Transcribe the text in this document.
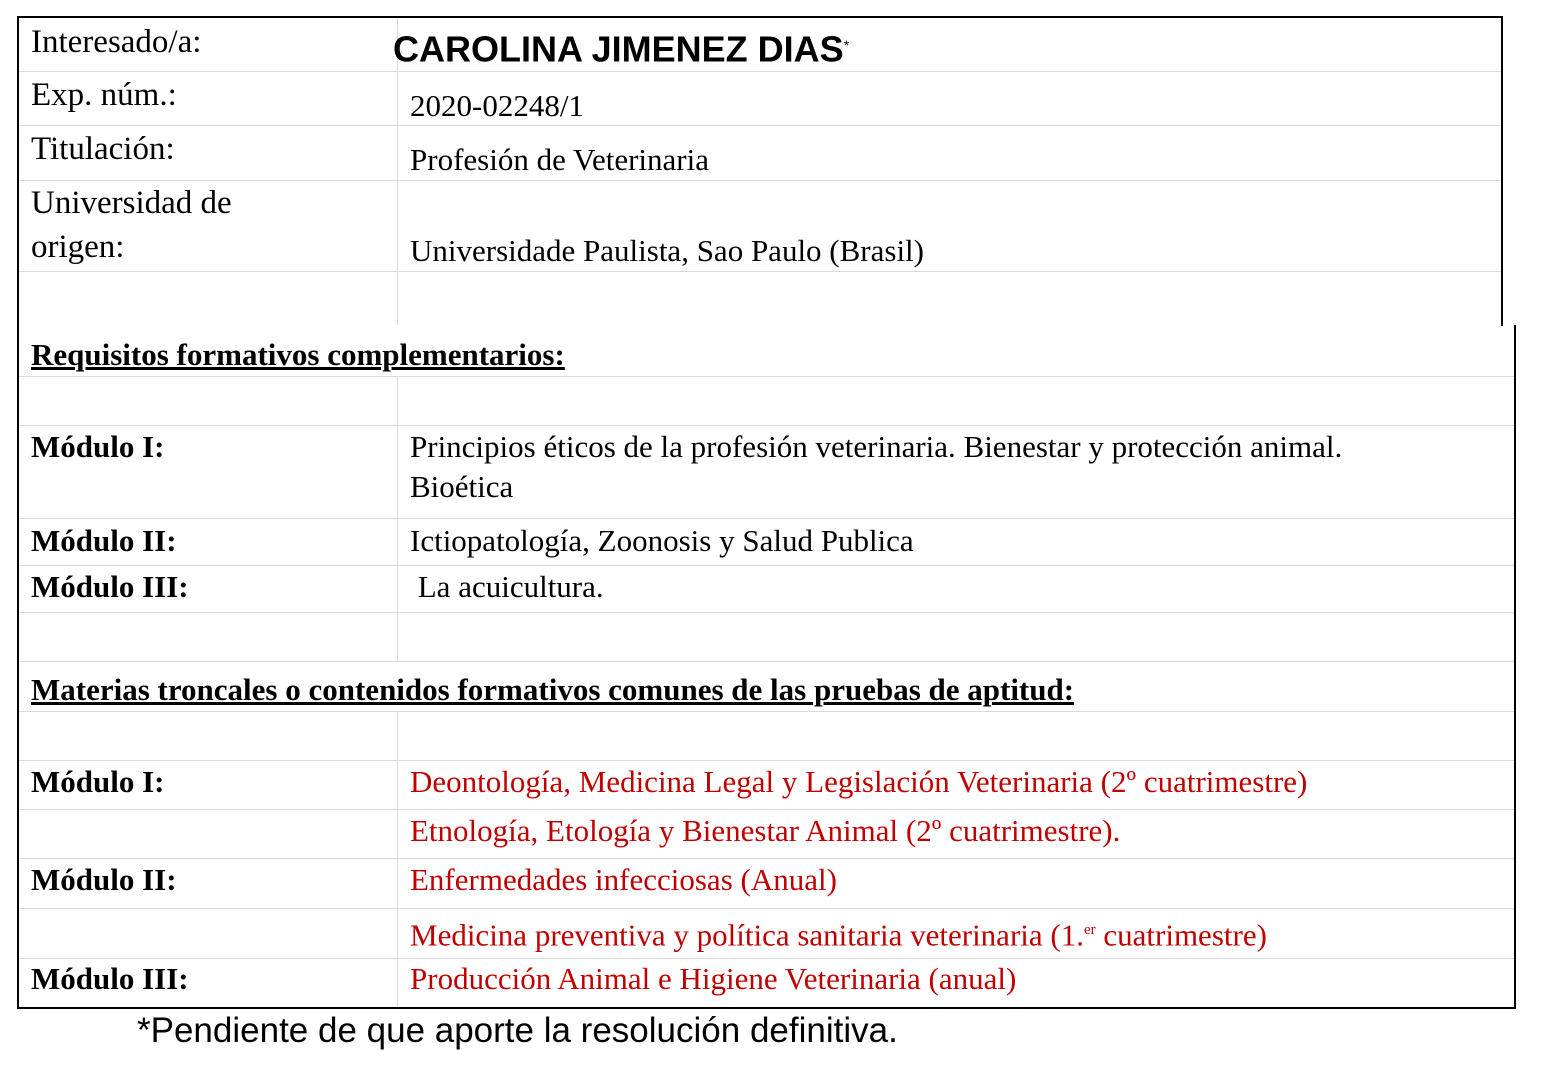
Interesado/a:	CAROLINA JIMENEZ DIAS*
Exp. núm.:	2020-02248/1
Titulación:	Profesión de Veterinaria
Universidad de
origen:	Universidade Paulista, Sao Paulo (Brasil)
Requisitos formativos complementarios:
Módulo I:	Principios éticos de la profesión veterinaria. Bienestar y protección animal.
Bioética
Módulo II:	Ictiopatología, Zoonosis y Salud Publica
Módulo III:	La acuicultura.
Materias troncales o contenidos formativos comunes de las pruebas de aptitud:
Módulo I:	Deontología, Medicina Legal y Legislación Veterinaria (2º cuatrimestre)
Etnología, Etología y Bienestar Animal (2º cuatrimestre).
Módulo II:	Enfermedades infecciosas (Anual)
Medicina preventiva y política sanitaria veterinaria (1.$^{er}$ cuatrimestre)
Módulo III:	Producción Animal e Higiene Veterinaria (anual)
*Pendiente de que aporte la resolución definitiva.
